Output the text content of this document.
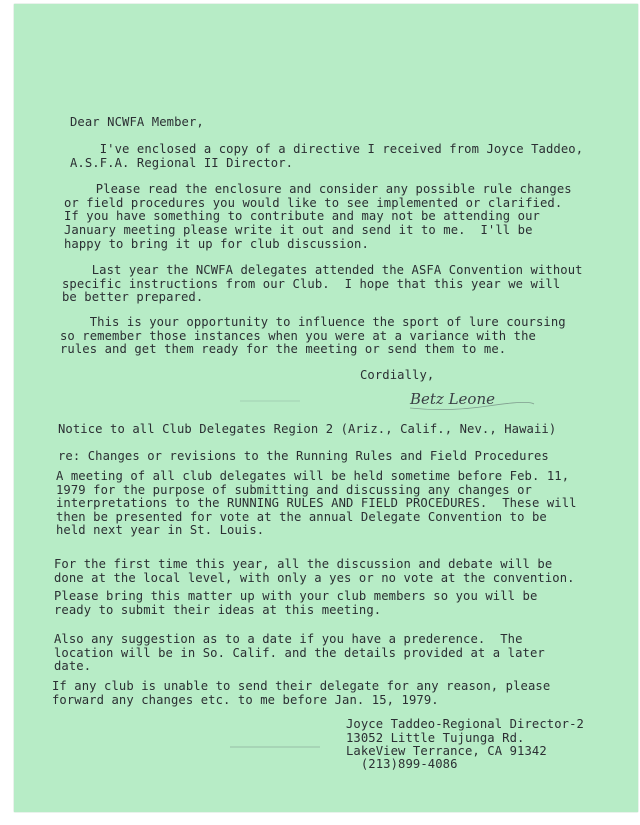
Dear NCWFA Member,
I've enclosed a copy of a directive I received from Joyce Taddeo,
A.S.F.A. Regional II Director.
Please read the enclosure and consider any possible rule changes
or field procedures you would like to see implemented or clarified.
If you have something to contribute and may not be attending our
January meeting please write it out and send it to me.  I'll be
happy to bring it up for club discussion.
Last year the NCWFA delegates attended the ASFA Convention without
specific instructions from our Club.  I hope that this year we will
be better prepared.
This is your opportunity to influence the sport of lure coursing
so remember those instances when you were at a variance with the
rules and get them ready for the meeting or send them to me.
Cordially,
Betz Leone
Notice to all Club Delegates Region 2 (Ariz., Calif., Nev., Hawaii)
re: Changes or revisions to the Running Rules and Field Procedures
A meeting of all club delegates will be held sometime before Feb. 11,
1979 for the purpose of submitting and discussing any changes or
interpretations to the RUNNING RULES AND FIELD PROCEDURES.  These will
then be presented for vote at the annual Delegate Convention to be
held next year in St. Louis.
For the first time this year, all the discussion and debate will be
done at the local level, with only a yes or no vote at the convention.
Please bring this matter up with your club members so you will be
ready to submit their ideas at this meeting.
Also any suggestion as to a date if you have a prederence.  The
location will be in So. Calif. and the details provided at a later
date.
If any club is unable to send their delegate for any reason, please
forward any changes etc. to me before Jan. 15, 1979.
Joyce Taddeo-Regional Director-2
13052 Little Tujunga Rd.
LakeView Terrance, CA 91342
(213)899-4086
